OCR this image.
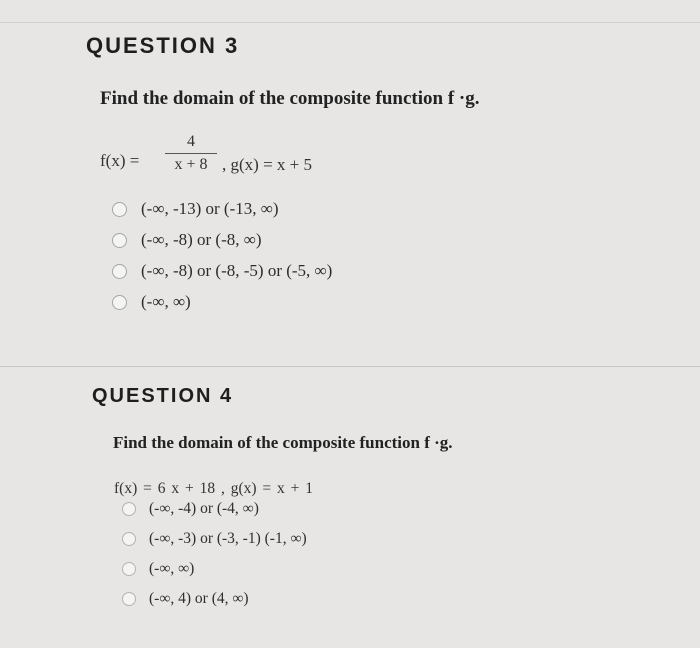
QUESTION 3
Find the domain of the composite function f ·g.
f(x) =
4
x + 8 , g(x) = x + 5
(-∞, -13) or (-13, ∞)
(-∞, -8) or (-8, ∞)
(-∞, -8) or (-8, -5) or (-5, ∞)
(-∞, ∞)
QUESTION 4
Find the domain of the composite function f ·g.
f(x) = 6 x + 18 , g(x) = x + 1
(-∞, -4) or (-4, ∞)
(-∞, -3) or (-3, -1) (-1, ∞)
(-∞, ∞)
(-∞, 4) or (4, ∞)
